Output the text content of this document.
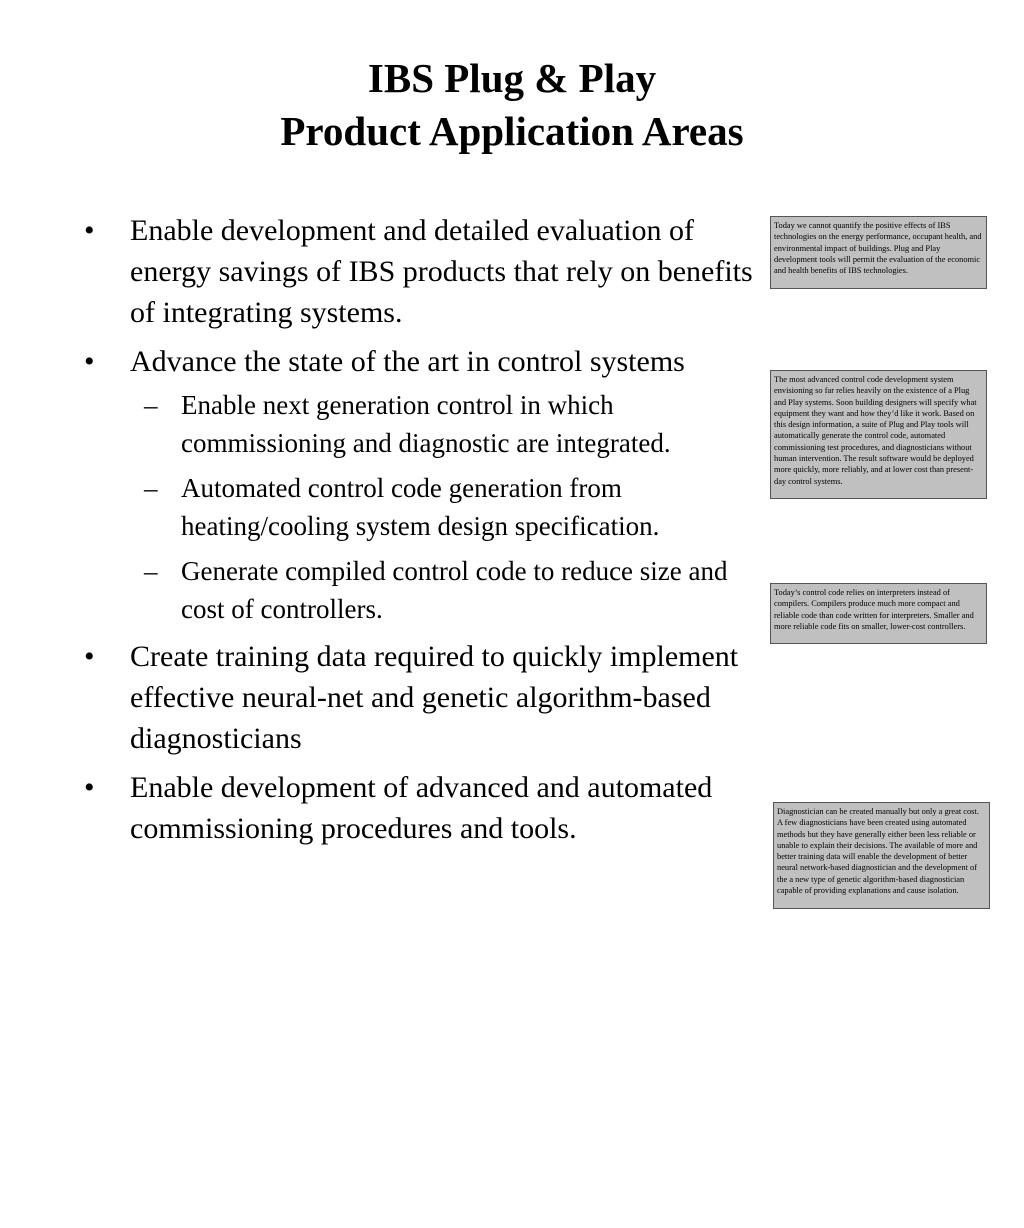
IBS Plug & Play
Product Application Areas
• Enable development and detailed evaluation of energy savings of IBS products that rely on benefits of integrating systems.
• Advance the state of the art in control systems
– Enable next generation control in which commissioning and diagnostic are integrated.
– Automated control code generation from heating/cooling system design specification.
– Generate compiled control code to reduce size and cost of controllers.
• Create training data required to quickly implement effective neural-net and genetic algorithm-based diagnosticians
• Enable development of advanced and automated commissioning procedures and tools.
Today we cannot quantify the positive effects of IBS technologies on the energy performance, occupant health, and environmental impact of buildings. Plug and Play development tools will permit the evaluation of the economic and health benefits of IBS technologies.
The most advanced control code development system envisioning so far relies heavily on the existence of a Plug and Play systems. Soon building designers will specify what equipment they want and how they’d like it work. Based on this design information, a suite of Plug and Play tools will automatically generate the control code, automated commissioning test procedures, and diagnosticians without human intervention. The result software would be deployed more quickly, more reliably, and at lower cost than present-day control systems.
Today’s control code relies on interpreters instead of compilers. Compilers produce much more compact and reliable code than code written for interpreters. Smaller and more reliable code fits on smaller, lower-cost controllers.
Diagnostician can be created manually but only a great cost. A few diagnosticians have been created using automated methods but they have generally either been less reliable or unable to explain their decisions. The available of more and better training data will enable the development of better neural network-based diagnostician and the development of the a new type of genetic algorithm-based diagnostician capable of providing explanations and cause isolation.
